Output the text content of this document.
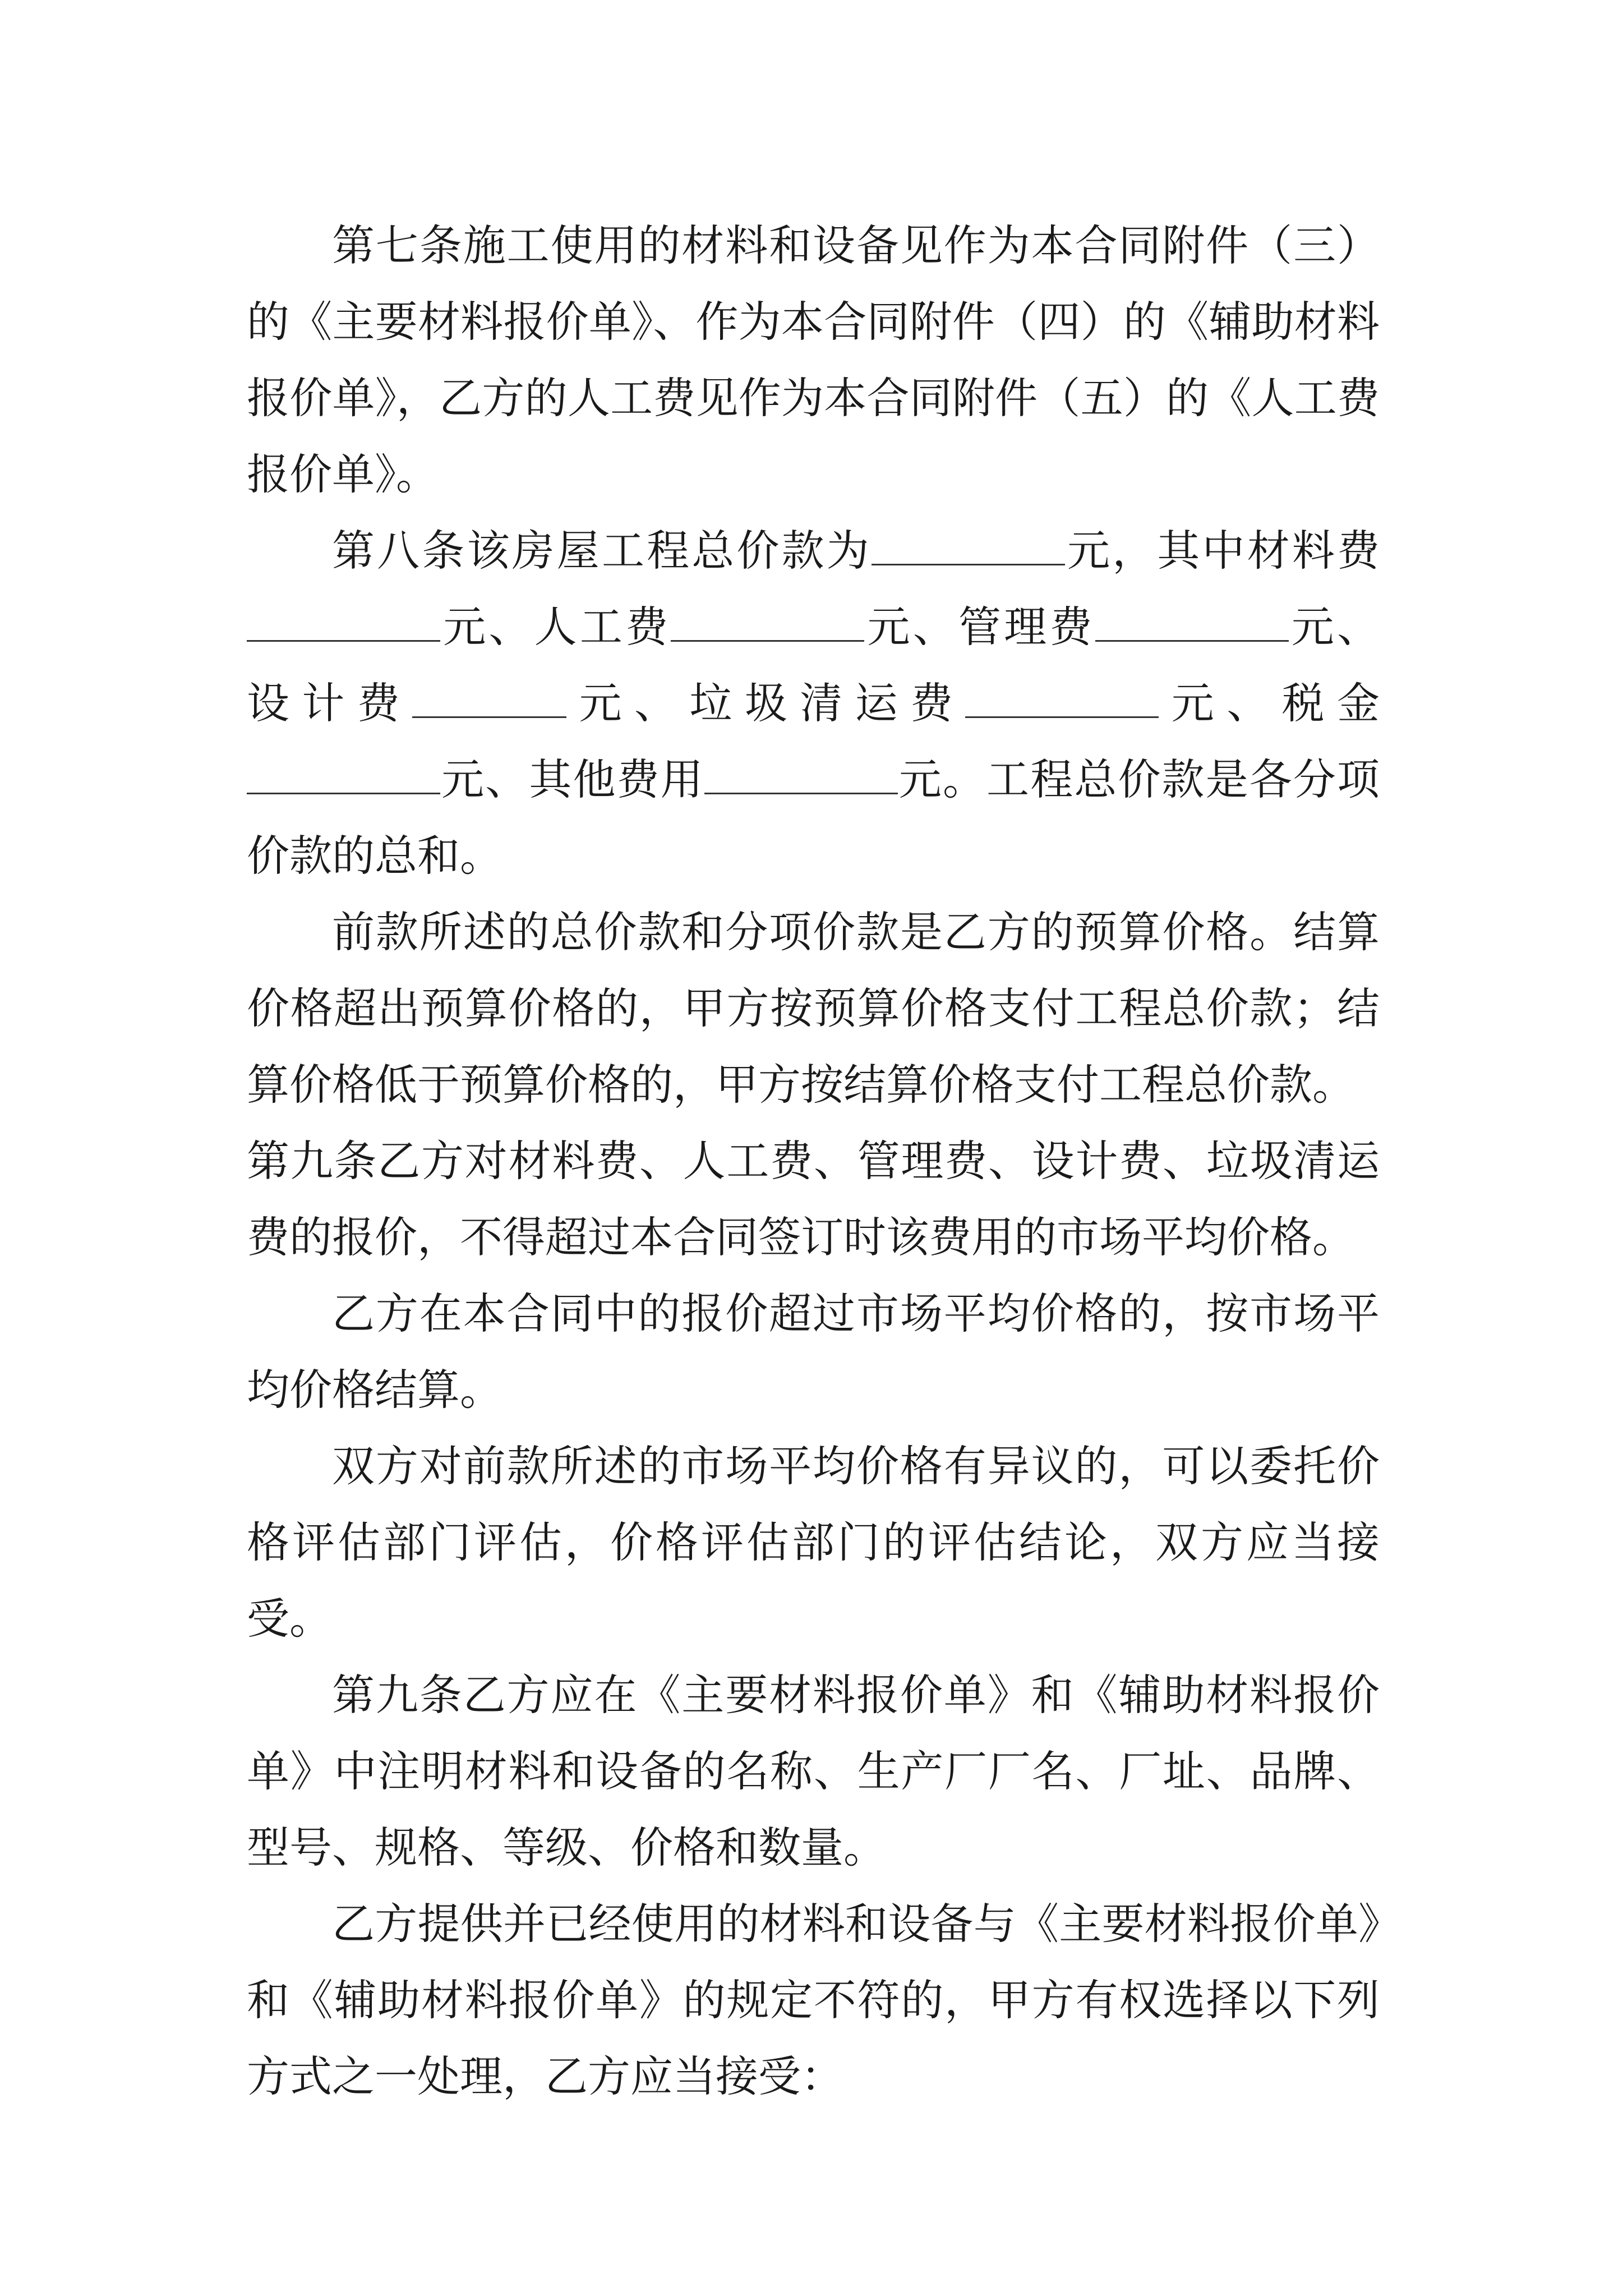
第七条施工使用的材料和设备见作为本合同附件（三）的《主要材料报价单》、作为本合同附件（四）的《辅助材料报价单》，乙方的人工费见作为本合同附件（五）的《人工费报价单》。

第八条该房屋工程总价款为	元，其中材料费元、人工费	元、管理费	元、设计费	元、垃圾清运费	元、税金元、其他费用	元。工程总价款是各分项价款的总和。

前款所述的总价款和分项价款是乙方的预算价格。结算价格超出预算价格的，甲方按预算价格支付工程总价款；结算价格低于预算价格的，甲方按结算价格支付工程总价款。

第九条乙方对材料费、人工费、管理费、设计费、垃圾清运费的报价，不得超过本合同签订时该费用的市场平均价格。

乙方在本合同中的报价超过市场平均价格的，按市场平均价格结算。

双方对前款所述的市场平均价格有异议的，可以委托价格评估部门评估，价格评估部门的评估结论，双方应当接受。

第九条乙方应在《主要材料报价单》和《辅助材料报价单》中注明材料和设备的名称、生产厂厂名、厂址、品牌、型号、规格、等级、价格和数量。

乙方提供并已经使用的材料和设备与《主要材料报价单》和《辅助材料报价单》的规定不符的，甲方有权选择以下列方式之一处理，乙方应当接受：
